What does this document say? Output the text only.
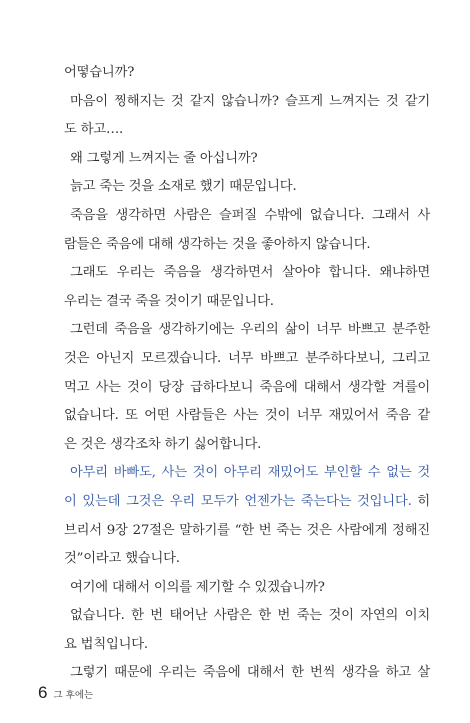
어떻습니까?
마음이 찡해지는 것 같지 않습니까? 슬프게 느껴지는 것 같기
도 하고….
왜 그렇게 느껴지는 줄 아십니까?
늙고 죽는 것을 소재로 했기 때문입니다.
죽음을 생각하면 사람은 슬퍼질 수밖에 없습니다. 그래서 사
람들은 죽음에 대해 생각하는 것을 좋아하지 않습니다.
그래도 우리는 죽음을 생각하면서 살아야 합니다. 왜냐하면
우리는 결국 죽을 것이기 때문입니다.
그런데 죽음을 생각하기에는 우리의 삶이 너무 바쁘고 분주한
것은 아닌지 모르겠습니다. 너무 바쁘고 분주하다보니, 그리고
먹고 사는 것이 당장 급하다보니 죽음에 대해서 생각할 겨를이
없습니다. 또 어떤 사람들은 사는 것이 너무 재밌어서 죽음 같
은 것은 생각조차 하기 싫어합니다.
아무리 바빠도, 사는 것이 아무리 재밌어도 부인할 수 없는 것
이 있는데 그것은 우리 모두가 언젠가는 죽는다는 것입니다. 히
브리서 9장 27절은 말하기를 “한 번 죽는 것은 사람에게 정해진
것”이라고 했습니다.
여기에 대해서 이의를 제기할 수 있겠습니까?
없습니다. 한 번 태어난 사람은 한 번 죽는 것이 자연의 이치
요 법칙입니다.
그렇기 때문에 우리는 죽음에 대해서 한 번씩 생각을 하고 살
6 그 후에는
